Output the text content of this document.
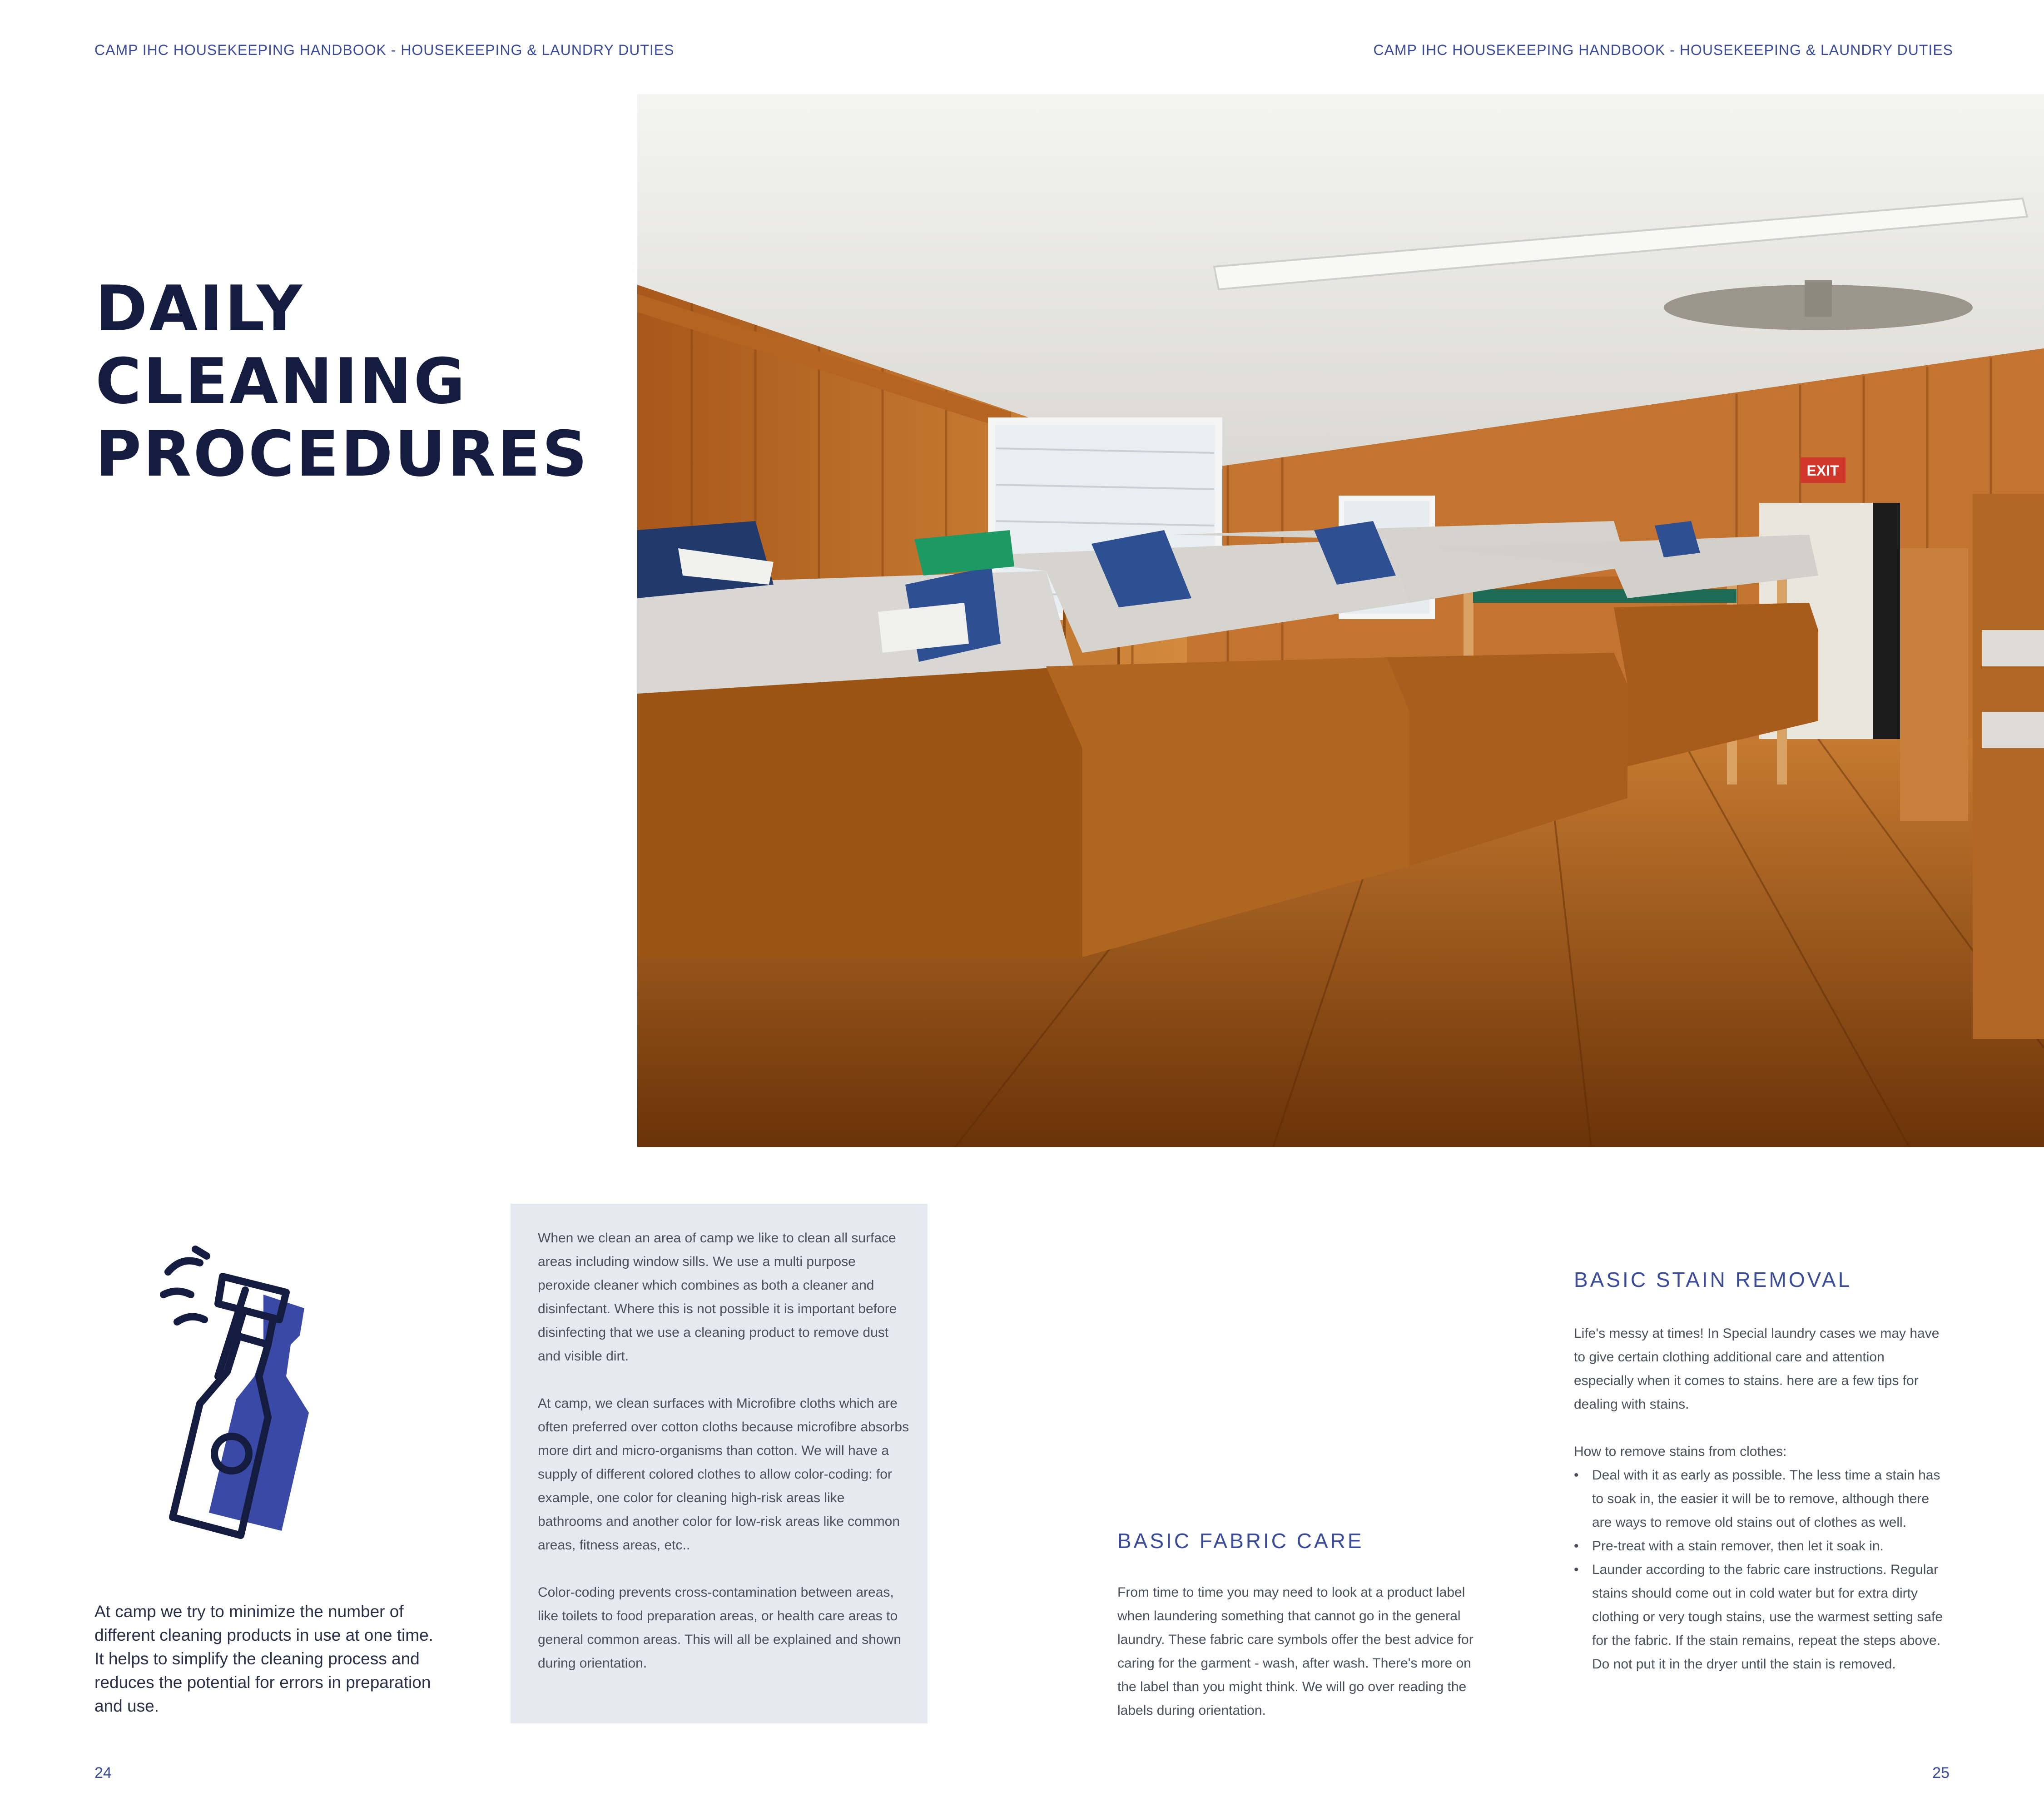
CAMP IHC HOUSEKEEPING HANDBOOK - HOUSEKEEPING & LAUNDRY DUTIES	CAMP IHC HOUSEKEEPING HANDBOOK - HOUSEKEEPING & LAUNDRY DUTIES
DAILY CLEANING
PROCEDURES	EXIT
At camp we try to minimize the number of different cleaning products in use at one time. It helps to simplify the cleaning process and reduces the potential for errors in preparation and use.

When we clean an area of camp we like to clean all surface areas including window sills. We use a multi purpose peroxide cleaner which combines as both a cleaner and disinfectant. Where this is not possible it is important before disinfecting that we use a cleaning product to remove dust and visible dirt.

At camp, we clean surfaces with Microfibre cloths which are often preferred over cotton cloths because microfibre absorbs more dirt and micro-organisms than cotton. We will have a supply of different colored clothes to allow color-coding: for example, one color for cleaning high-risk areas like bathrooms and another color for low-risk areas like common areas, fitness areas, etc..

Color-coding prevents cross-contamination between areas, like toilets to food preparation areas, or health care areas to general common areas. This will all be explained and shown during orientation.

BASIC FABRIC CARE
From time to time you may need to look at a product label when laundering something that cannot go in the general laundry. These fabric care symbols offer the best advice for caring for the garment - wash, after wash. There's more on the label than you might think. We will go over reading the labels during orientation.
BASIC STAIN REMOVAL

Life's messy at times! In Special laundry cases we may have to give certain clothing additional care and attention especially when it comes to stains. here are a few tips for dealing with stains.

How to remove stains from clothes:

• Deal with it as early as possible. The less time a stain has to soak in, the easier it will be to remove, although there are ways to remove old stains out of clothes as well.
• Pre-treat with a stain remover, then let it soak in.
• Launder according to the fabric care instructions. Regular stains should come out in cold water but for extra dirty clothing or very tough stains, use the warmest setting safe for the fabric. If the stain remains, repeat the steps above. Do not put it in the dryer until the stain is removed.
24	25
